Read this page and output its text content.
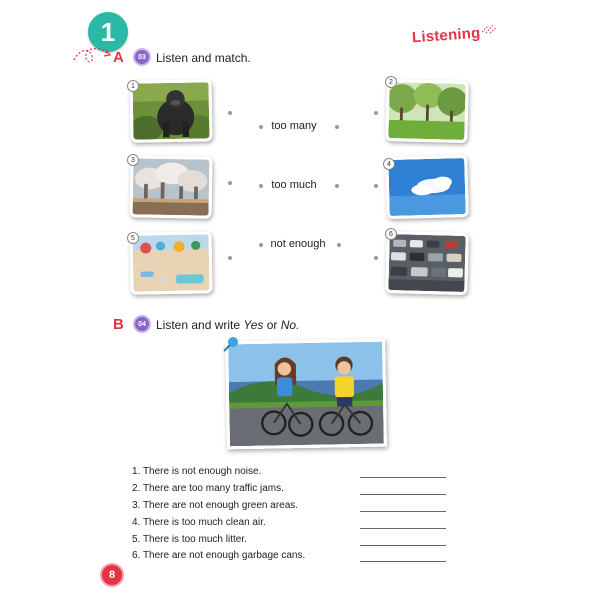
1	Listening
A 03 Listen and match.
1
3
5
2
4
6
too many
too much
not enough
B 04 Listen and write Yes or No.
1. There is not enough noise.
2. There are too many traffic jams.
3. There are not enough green areas.
4. There is too much clean air.
5. There is too much litter.
6. There are not enough garbage cans.
8
